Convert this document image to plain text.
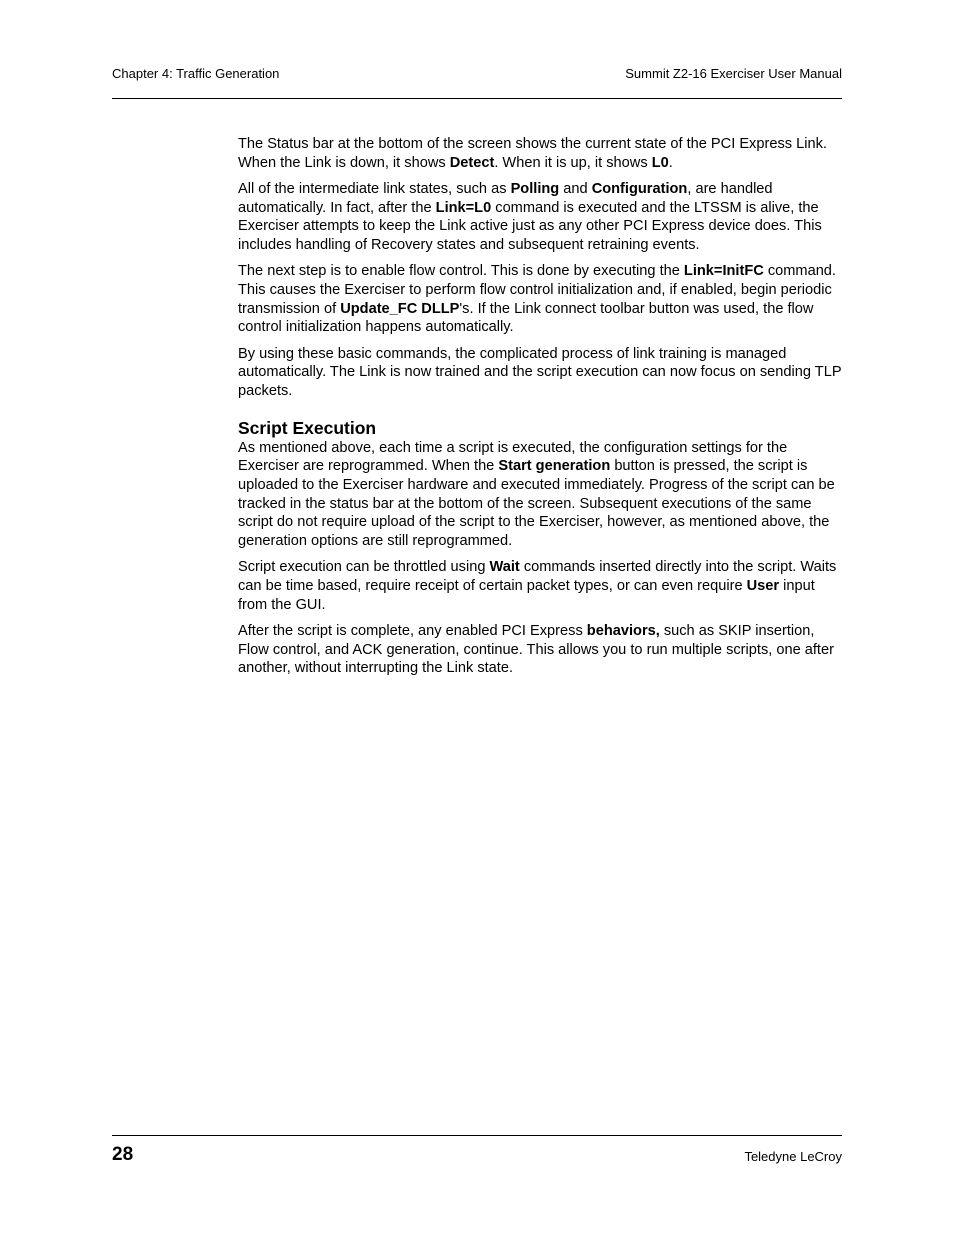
Chapter 4: Traffic Generation	Summit Z2-16 Exerciser User Manual

The Status bar at the bottom of the screen shows the current state of the PCI Express Link. When the Link is down, it shows Detect. When it is up, it shows L0.

All of the intermediate link states, such as Polling and Configuration, are handled automatically. In fact, after the Link=L0 command is executed and the LTSSM is alive, the Exerciser attempts to keep the Link active just as any other PCI Express device does. This includes handling of Recovery states and subsequent retraining events.

The next step is to enable flow control. This is done by executing the Link=InitFC command. This causes the Exerciser to perform flow control initialization and, if enabled, begin periodic transmission of Update_FC DLLP's. If the Link connect toolbar button was used, the flow control initialization happens automatically.

By using these basic commands, the complicated process of link training is managed automatically. The Link is now trained and the script execution can now focus on sending TLP packets.

Script Execution

As mentioned above, each time a script is executed, the configuration settings for the Exerciser are reprogrammed. When the Start generation button is pressed, the script is uploaded to the Exerciser hardware and executed immediately. Progress of the script can be tracked in the status bar at the bottom of the screen. Subsequent executions of the same script do not require upload of the script to the Exerciser, however, as mentioned above, the generation options are still reprogrammed.

Script execution can be throttled using Wait commands inserted directly into the script. Waits can be time based, require receipt of certain packet types, or can even require User input from the GUI.

After the script is complete, any enabled PCI Express behaviors, such as SKIP insertion, Flow control, and ACK generation, continue. This allows you to run multiple scripts, one after another, without interrupting the Link state.

28	Teledyne LeCroy
